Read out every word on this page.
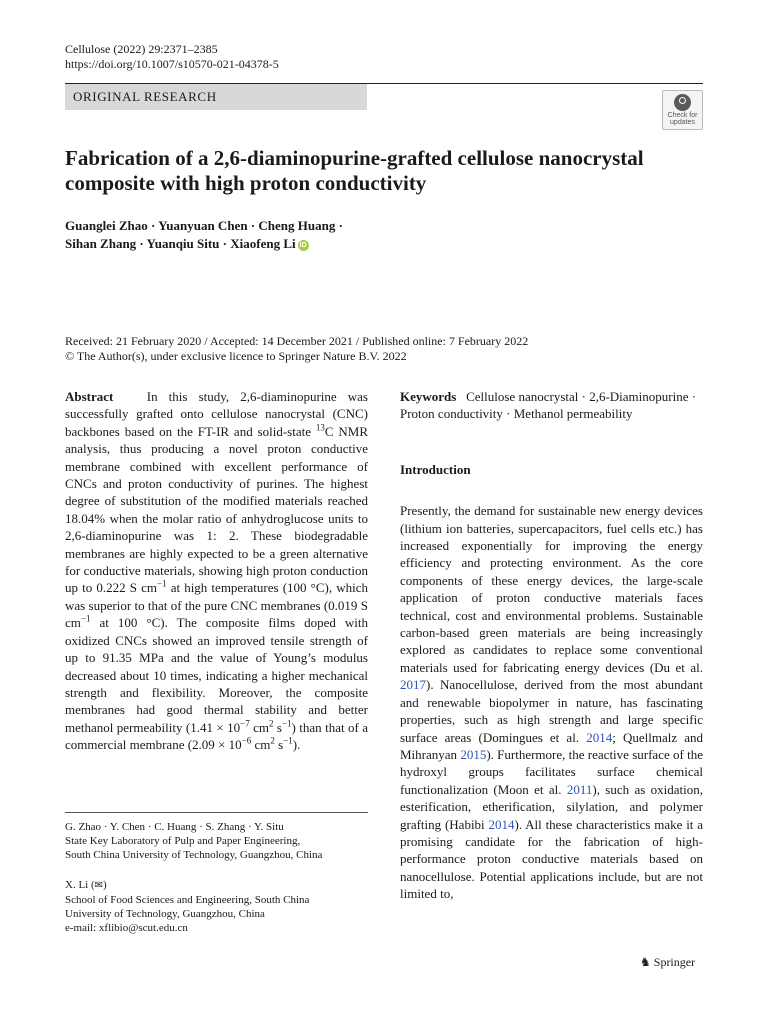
Cellulose (2022) 29:2371–2385
https://doi.org/10.1007/s10570-021-04378-5
ORIGINAL RESEARCH
Check for
updates
Fabrication of a 2,6-diaminopurine-grafted cellulose nanocrystal composite with high proton conductivity
Guanglei Zhao · Yuanyuan Chen · Cheng Huang ·
Sihan Zhang · Yuanqiu Situ · Xiaofeng Li iD
Received: 21 February 2020 / Accepted: 14 December 2021 / Published online: 7 February 2022
© The Author(s), under exclusive licence to Springer Nature B.V. 2022

Abstract	In this study, 2,6-diaminopurine was successfully grafted onto cellulose nanocrystal (CNC) backbones based on the FT-IR and solid-state $^{13}$C NMR analysis, thus producing a novel proton conductive membrane combined with excellent performance of CNCs and proton conductivity of purines. The highest degree of substitution of the modified materials reached 18.04% when the molar ratio of anhydroglucose units to 2,6-diaminopurine was 1: 2. These biodegradable membranes are highly expected to be a green alternative for conductive materials, showing high proton conduction up to 0.222 S $cm^{-1}$ at high temperatures (100 °C), which was superior to that of the pure CNC membranes (0.019 S $cm^{-1}$ at 100 °C). The composite films doped with oxidized CNCs showed an improved tensile strength of up to 91.35 MPa and the value of Young’s modulus decreased about 10 times, indicating a higher mechanical strength and flexibility. Moreover, the composite membranes had good thermal stability and better methanol permeability ($1.41 \times 10^{-7}$ $cm^2$ $s^{-1}$) than that of a commercial membrane ($2.09 \times 10^{-6}$ $cm^2$ $s^{-1}$).

G. Zhao · Y. Chen · C. Huang · S. Zhang · Y. Situ
State Key Laboratory of Pulp and Paper Engineering,
South China University of Technology, Guangzhou, China

X. Li (✉)
School of Food Sciences and Engineering, South China
University of Technology, Guangzhou, China
e-mail: xflibio@scut.edu.cn

Keywords Cellulose nanocrystal · 2,6-Diaminopurine · Proton conductivity · Methanol permeability

Introduction

Presently, the demand for sustainable new energy devices (lithium ion batteries, supercapacitors, fuel cells etc.) has increased exponentially for improving the energy efficiency and protecting environment. As the core components of these energy devices, the large-scale application of proton conductive materials faces technical, cost and environmental problems. Sustainable carbon-based green materials are being increasingly explored as candidates to replace some conventional materials used for fabricating energy devices (Du et al. 2017). Nanocellulose, derived from the most abundant and renewable biopolymer in nature, has fascinating properties, such as high strength and large specific surface areas (Domingues et al. 2014; Quellmalz and Mihranyan 2015). Furthermore, the reactive surface of the hydroxyl groups facilitates surface chemical functionalization (Moon et al. 2011), such as oxidation, esterification, etherification, silylation, and polymer grafting (Habibi 2014). All these characteristics make it a promising candidate for the fabrication of high-performance proton conductive materials based on nanocellulose. Potential applications include, but are not limited to,

♞ Springer
